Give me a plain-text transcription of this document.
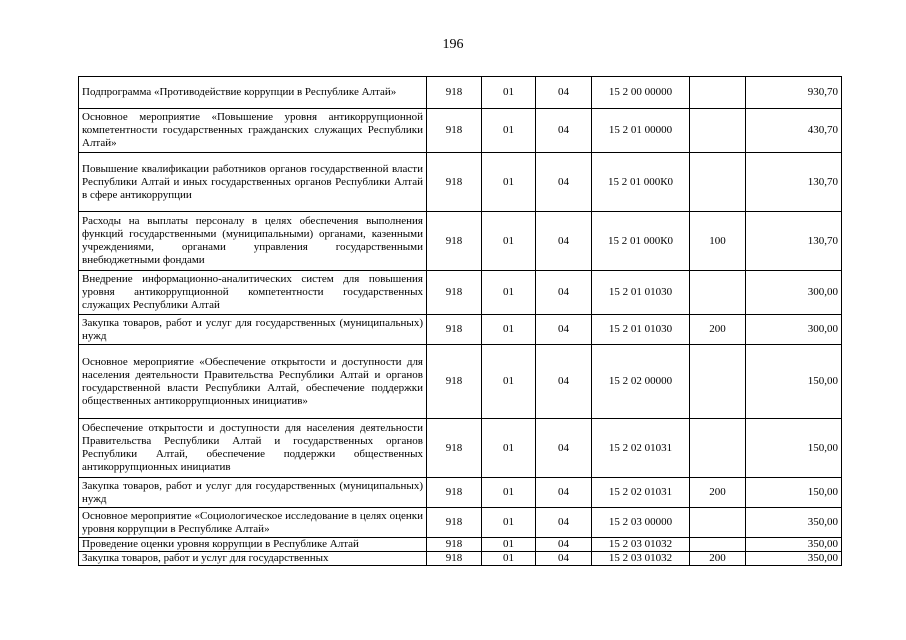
196
Подпрограмма «Противодействие коррупции в Республике Алтай»	918	01	04	15 2 00 00000		930,70
Основное мероприятие «Повышение уровня антикоррупционной компетентности государственных гражданских служащих Республики Алтай»	918	01	04	15 2 01 00000		430,70
Повышение квалификации работников органов государственной власти Республики Алтай и иных государственных органов Республики Алтай в сфере антикоррупции	918	01	04	15 2 01 000К0		130,70
Расходы на выплаты персоналу в целях обеспечения выполнения функций государственными (муниципальными) органами, казенными учреждениями, органами управления государственными внебюджетными фондами	918	01	04	15 2 01 000К0	100	130,70
Внедрение информационно-аналитических систем для повышения уровня антикоррупционной компетентности государственных служащих Республики Алтай	918	01	04	15 2 01 01030		300,00
Закупка товаров, работ и услуг для государственных (муниципальных) нужд	918	01	04	15 2 01 01030	200	300,00
Основное мероприятие «Обеспечение открытости и доступности для населения деятельности Правительства Республики Алтай и органов государственной власти Республики Алтай, обеспечение поддержки общественных антикоррупционных инициатив»	918	01	04	15 2 02 00000		150,00
Обеспечение открытости и доступности для населения деятельности Правительства Республики Алтай и государственных органов Республики Алтай, обеспечение поддержки общественных антикоррупционных инициатив	918	01	04	15 2 02 01031		150,00
Закупка товаров, работ и услуг для государственных (муниципальных) нужд	918	01	04	15 2 02 01031	200	150,00
Основное мероприятие «Социологическое исследование в целях оценки уровня коррупции в Республике Алтай»	918	01	04	15 2 03 00000		350,00
Проведение оценки уровня коррупции в Республике Алтай	918	01	04	15 2 03 01032		350,00
Закупка товаров, работ и услуг для государственных	918	01	04	15 2 03 01032	200	350,00
